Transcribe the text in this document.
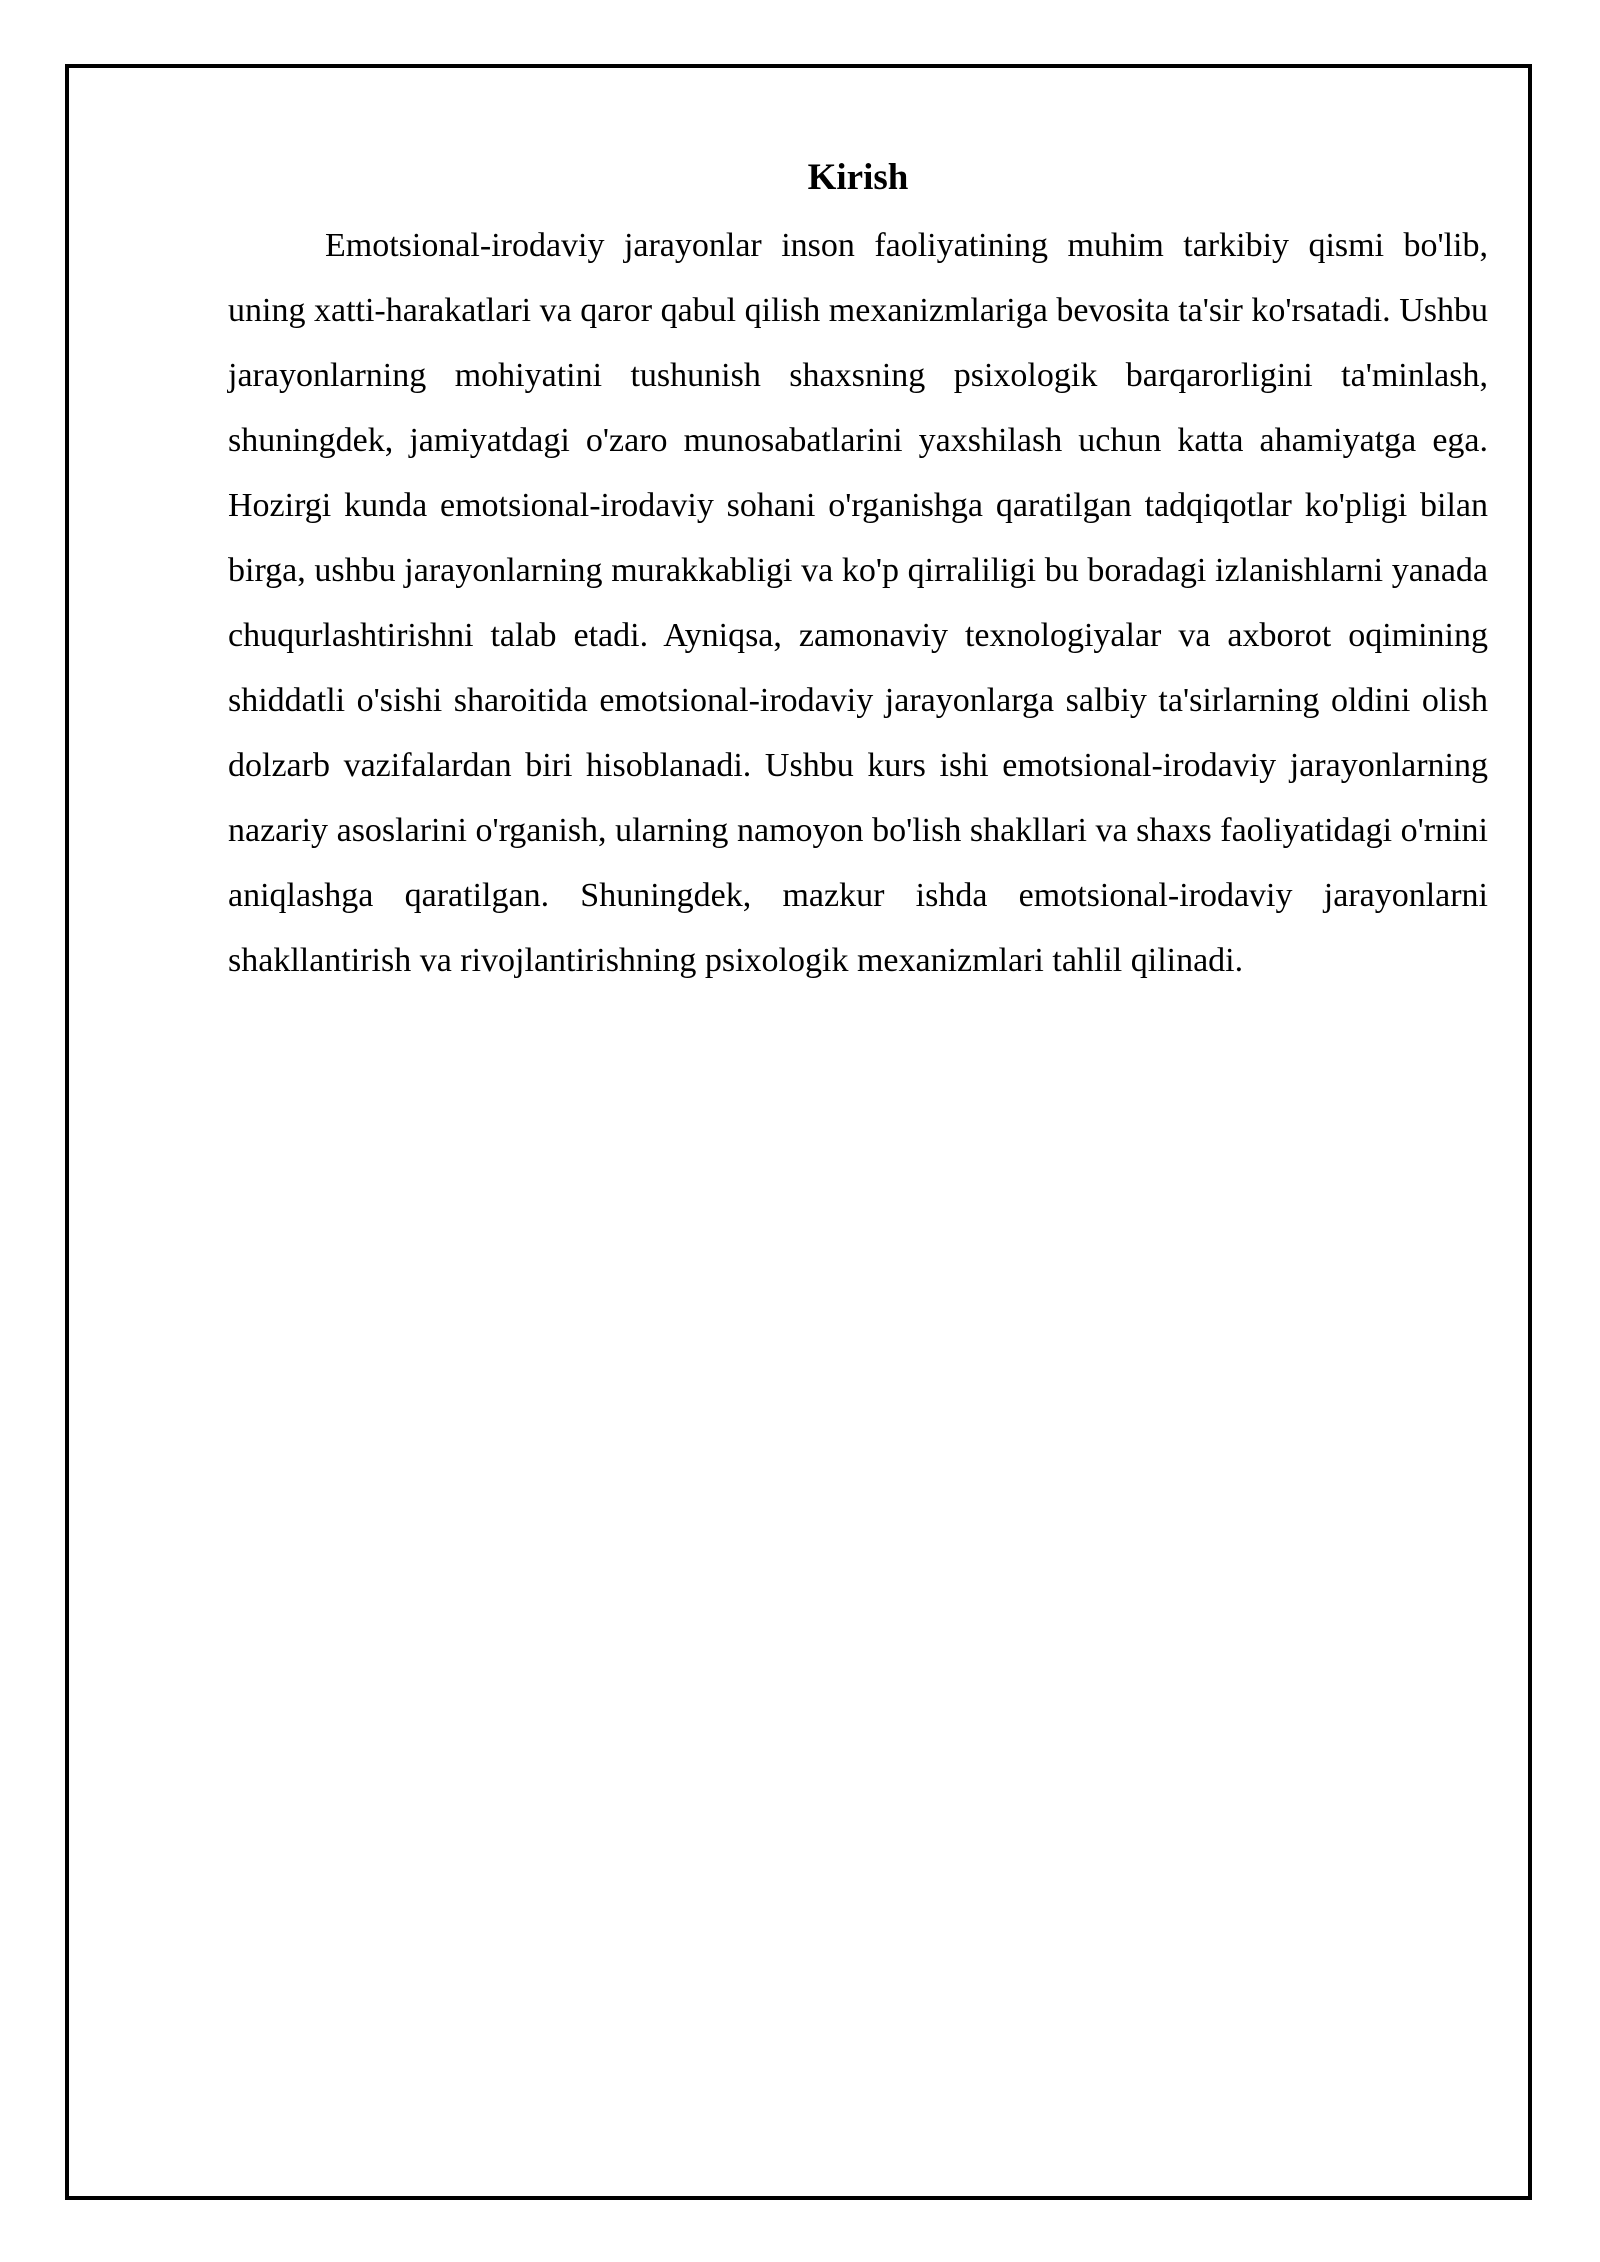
Kirish

Emotsional-irodaviy jarayonlar inson faoliyatining muhim tarkibiy qismi bo'lib, uning xatti-harakatlari va qaror qabul qilish mexanizmlariga bevosita ta'sir ko'rsatadi. Ushbu jarayonlarning mohiyatini tushunish shaxsning psixologik barqarorligini ta'minlash, shuningdek, jamiyatdagi o'zaro munosabatlarini yaxshilash uchun katta ahamiyatga ega. Hozirgi kunda emotsional-irodaviy sohani o'rganishga qaratilgan tadqiqotlar ko'pligi bilan birga, ushbu jarayonlarning murakkabligi va ko'p qirraliligi bu boradagi izlanishlarni yanada chuqurlashtirishni talab etadi. Ayniqsa, zamonaviy texnologiyalar va axborot oqimining shiddatli o'sishi sharoitida emotsional-irodaviy jarayonlarga salbiy ta'sirlarning oldini olish dolzarb vazifalardan biri hisoblanadi. Ushbu kurs ishi emotsional-irodaviy jarayonlarning nazariy asoslarini o'rganish, ularning namoyon bo'lish shakllari va shaxs faoliyatidagi o'rnini aniqlashga qaratilgan. Shuningdek, mazkur ishda emotsional-irodaviy jarayonlarni shakllantirish va rivojlantirishning psixologik mexanizmlari tahlil qilinadi.
